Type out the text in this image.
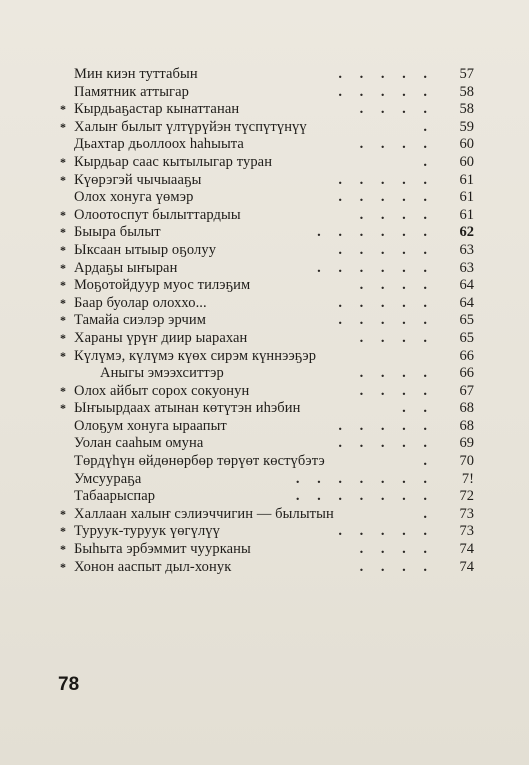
Мин киэн туттабын	. . . . .	57
Памятник аттыгар	. . . . .	58
* Кырдьаҕастар кынаттанан	. . . .	58
* Халыҥ былыт үлтүрүйэн түспүтүнүү	.	59
Дьахтар дьоллоох һаһыыта	. . . .	60
* Кырдьар саас кытылыгар туран	.	60
* Күөрэгэй чычыааҕы	. . . . .	61
Олох хонуга үөмэр	. . . . .	61
* Олоотоспут былыттардыы	. . . .	61
* Быыра былыт	. . . . . .	62
* Ыксаан ытыыр оҕолуу	. . . . .	63
* Ардаҕы ыҥыран	. . . . . .	63
* Моҕотойдуур муос тилэҕим	. . . .	64
* Баар буолар олоххо...	. . . . .	64
* Тамайа сиэлэр эрчим	. . . . .	65
* Хараны үрүҥ диир ыарахан	. . . .	65
* Күлүмэ, күлүмэ күөх сирэм күннээҕэр	66
Аныгы эмээхситтэр	. . . .	66
* Олох айбыт сорох сокуонун	. . . .	67
* Ыҥыырдаах атынан көтүтэн иһэбин	. .	68
Олоҕум хонуга ыраапыт	. . . . .	68
Уолан сааһым омуна	. . . . .	69
Төрдүһүн өйдөнөрбөр төрүөт көстүбэтэ	.	70
Умсуураҕа	. . . . . . .	7!
Табаарыспар	. . . . . . .	72
* Халлаан халыҥ сэлиэччигин — былытын	.	73
* Туруук-туруук үөгүлүү	. . . . .	73
* Быһыта эрбэммит чуурканы	. . . .	74
* Хонон ааспыт дыл-хонук	. . . .	74
78
